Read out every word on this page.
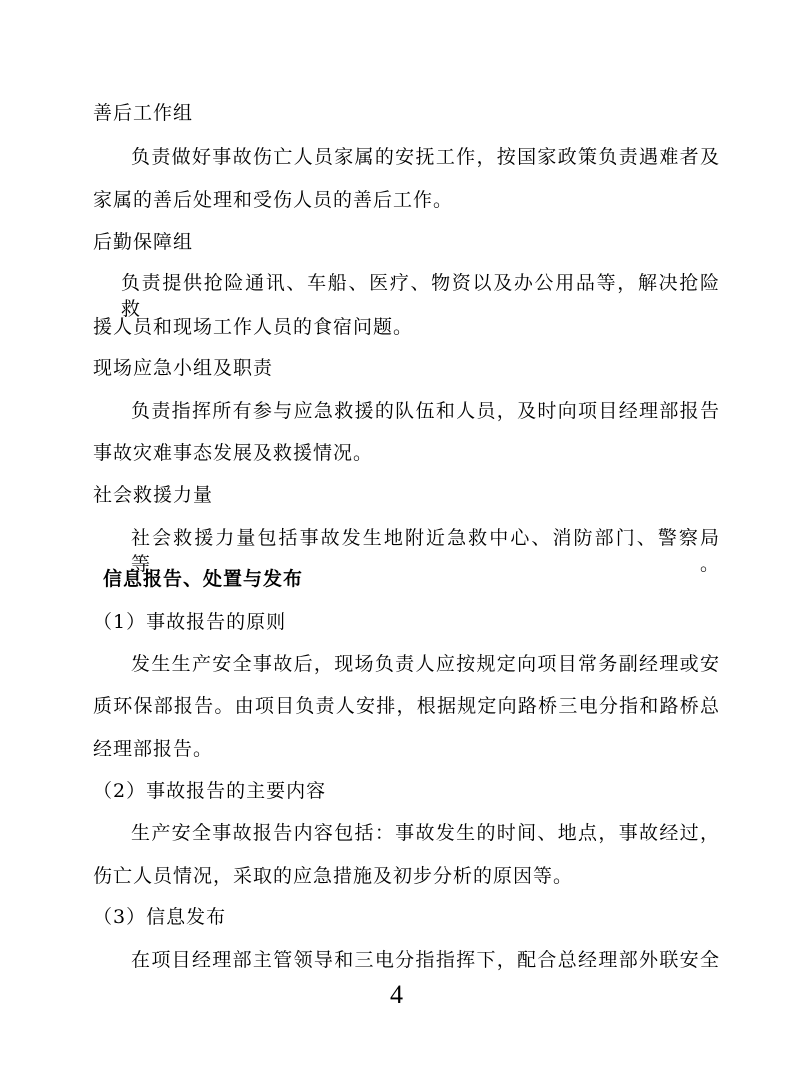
善后工作组
负责做好事故伤亡人员家属的安抚工作，按国家政策负责遇难者及
家属的善后处理和受伤人员的善后工作。
后勤保障组
负责提供抢险通讯、车船、医疗、物资以及办公用品等，解决抢险救
援人员和现场工作人员的食宿问题。
现场应急小组及职责
负责指挥所有参与应急救援的队伍和人员，及时向项目经理部报告
事故灾难事态发展及救援情况。
社会救援力量
社会救援力量包括事故发生地附近急救中心、消防部门、警察局等。
信息报告、处置与发布
（1）事故报告的原则
发生生产安全事故后，现场负责人应按规定向项目常务副经理或安
质环保部报告。由项目负责人安排，根据规定向路桥三电分指和路桥总
经理部报告。
（2）事故报告的主要内容
生产安全事故报告内容包括：事故发生的时间、地点，事故经过，
伤亡人员情况，采取的应急措施及初步分析的原因等。
（3）信息发布
在项目经理部主管领导和三电分指指挥下，配合总经理部外联安全
4
